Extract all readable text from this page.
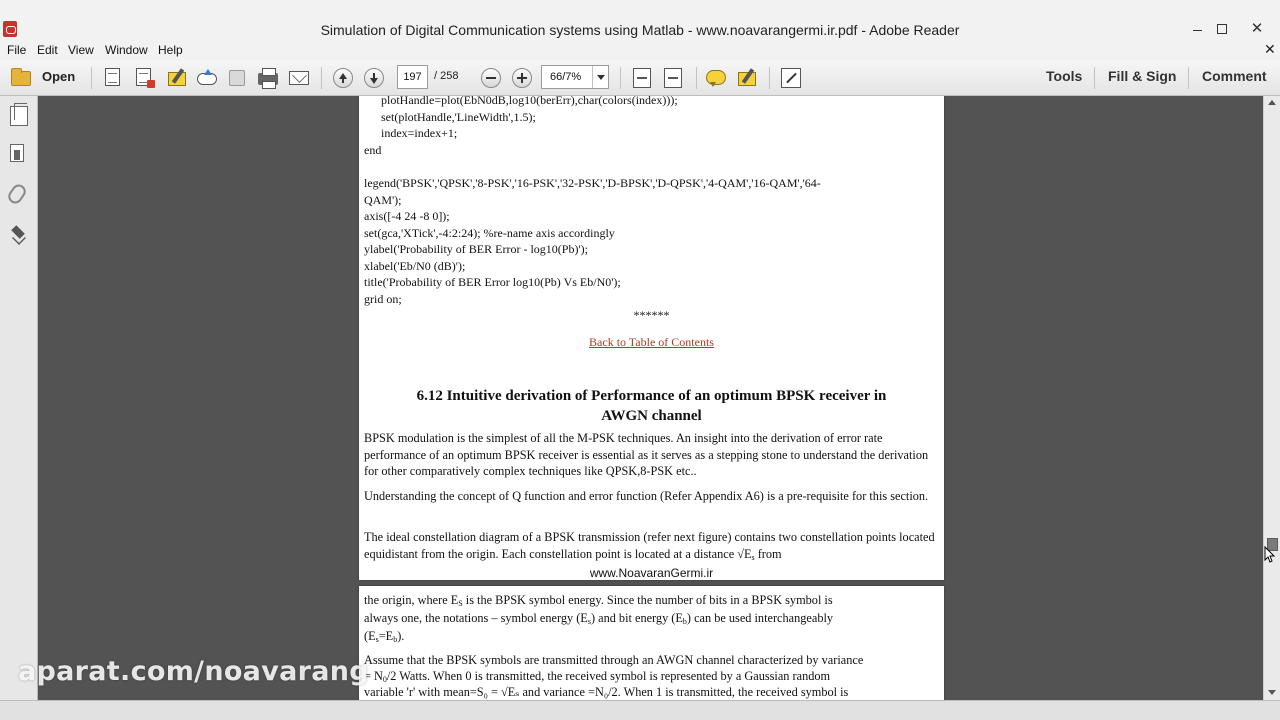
Simulation of Digital Communication systems using Matlab - www.noavarangermi.ir.pdf - Adobe Reader	✕
File Edit View Window Help	✕
Open
197	/ 258	66/7%	Tools Fill & Sign Comment
plotHandle=plot(EbN0dB,log10(berErr),char(colors(index)));
set(plotHandle,'LineWidth',1.5);
index=index+1;
end
legend('BPSK','QPSK','8-PSK','16-PSK','32-PSK','D-BPSK','D-QPSK','4-QAM','16-QAM','64-
QAM');
axis([-4 24 -8 0]);
set(gca,'XTick',-4:2:24); %re-name axis accordingly
ylabel('Probability of BER Error - log10(Pb)');
xlabel('Eb/N0 (dB)');
title('Probability of BER Error log10(Pb) Vs Eb/N0');
grid on;
******
Back to Table of Contents
6.12 Intuitive derivation of Performance of an optimum BPSK receiver in
AWGN channel
BPSK modulation is the simplest of all the M-PSK techniques. An insight into the derivation of error rate performance of an optimum BPSK receiver is essential as it serves as a stepping stone to understand the derivation for other comparatively complex techniques like QPSK,8-PSK etc..
Understanding the concept of Q function and error function (Refer Appendix A6) is a pre-requisite for this section.
The ideal constellation diagram of a BPSK transmission (refer next figure) contains two constellation points located equidistant from the origin. Each constellation point is located at a distance $√E_s$ from
www.NoavaranGermi.ir
the origin, where $E_S$ is the BPSK symbol energy. Since the number of bits in a BPSK symbol is
always one, the notations – symbol energy $(E_s)$ and bit energy $(E_b)$ can be used interchangeably
$(E_s=E_b)$.
Assume that the BPSK symbols are transmitted through an AWGN channel characterized by variance
= $N_0/2$ Watts. When 0 is transmitted, the received symbol is represented by a Gaussian random
variable 'r' with mean=S₀ = √Eₛ and variance =N₀/2. When 1 is transmitted, the received symbol is
aparat.com/noavarang
